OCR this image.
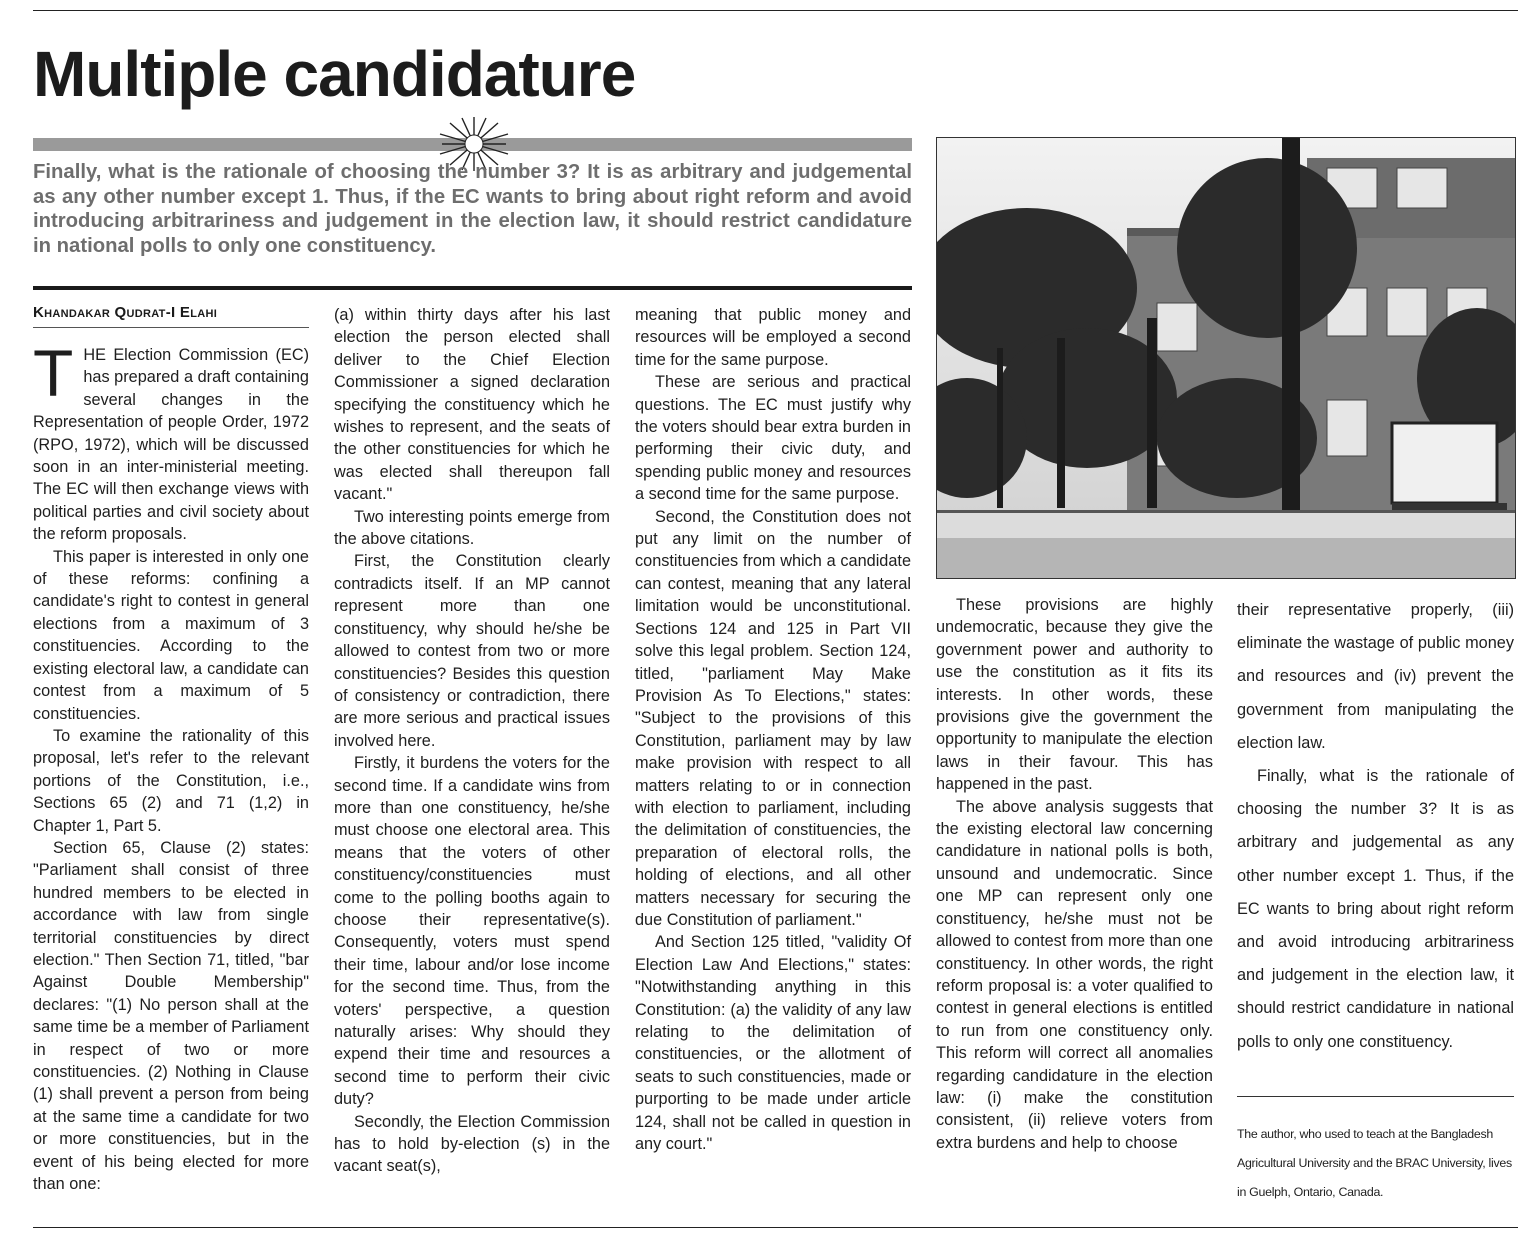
Multiple candidature

Finally, what is the rationale of choosing the number 3? It is as arbitrary and judgemental as any other number except 1. Thus, if the EC wants to bring about right reform and avoid introducing arbitrariness and judgement in the election law, it should restrict candidature in national polls to only one constituency.

Khandakar Qudrat-I Elahi

THE Election Commission (EC) has prepared a draft containing several changes in the Representation of people Order, 1972 (RPO, 1972), which will be discussed soon in an inter-ministerial meeting. The EC will then exchange views with political parties and civil society about the reform proposals.

This paper is interested in only one of these reforms: confining a candidate's right to contest in general elections from a maximum of 3 constituencies. According to the existing electoral law, a candidate can contest from a maximum of 5 constituencies.

To examine the rationality of this proposal, let's refer to the relevant portions of the Constitution, i.e., Sections 65 (2) and 71 (1,2) in Chapter 1, Part 5.

Section 65, Clause (2) states: "Parliament shall consist of three hundred members to be elected in accordance with law from single territorial constituencies by direct election." Then Section 71, titled, "bar Against Double Membership" declares: "(1) No person shall at the same time be a member of Parliament in respect of two or more constituencies. (2) Nothing in Clause (1) shall prevent a person from being at the same time a candidate for two or more constituencies, but in the event of his being elected for more than one:

(a) within thirty days after his last election the person elected shall deliver to the Chief Election Commissioner a signed declaration specifying the constituency which he wishes to represent, and the seats of the other constituencies for which he was elected shall thereupon fall vacant."

Two interesting points emerge from the above citations.

First, the Constitution clearly contradicts itself. If an MP cannot represent more than one constituency, why should he/she be allowed to contest from two or more constituencies? Besides this question of consistency or contradiction, there are more serious and practical issues involved here.

Firstly, it burdens the voters for the second time. If a candidate wins from more than one constituency, he/she must choose one electoral area. This means that the voters of other constituency/constituencies must come to the polling booths again to choose their representative(s). Consequently, voters must spend their time, labour and/or lose income for the second time. Thus, from the voters' perspective, a question naturally arises: Why should they expend their time and resources a second time to perform their civic duty?

Secondly, the Election Commission has to hold by-election (s) in the vacant seat(s),

meaning that public money and resources will be employed a second time for the same purpose.

These are serious and practical questions. The EC must justify why the voters should bear extra burden in performing their civic duty, and spending public money and resources a second time for the same purpose.

Second, the Constitution does not put any limit on the number of constituencies from which a candidate can contest, meaning that any lateral limitation would be unconstitutional. Sections 124 and 125 in Part VII solve this legal problem. Section 124, titled, "parliament May Make Provision As To Elections," states: "Subject to the provisions of this Constitution, parliament may by law make provision with respect to all matters relating to or in connection with election to parliament, including the delimitation of constituencies, the preparation of electoral rolls, the holding of elections, and all other matters necessary for securing the due Constitution of parliament."

And Section 125 titled, "validity Of Election Law And Elections," states: "Notwithstanding anything in this Constitution: (a) the validity of any law relating to the delimitation of constituencies, or the allotment of seats to such constituencies, made or purporting to be made under article 124, shall not be called in question in any court."

These provisions are highly undemocratic, because they give the government power and authority to use the constitution as it fits its interests. In other words, these provisions give the government the opportunity to manipulate the election laws in their favour. This has happened in the past.

The above analysis suggests that the existing electoral law concerning candidature in national polls is both, unsound and undemocratic. Since one MP can represent only one constituency, he/she must not be allowed to contest from more than one constituency. In other words, the right reform proposal is: a voter qualified to contest in general elections is entitled to run from one constituency only. This reform will correct all anomalies regarding candidature in the election law: (i) make the constitution consistent, (ii) relieve voters from extra burdens and help to choose

their representative properly, (iii) eliminate the wastage of public money and resources and (iv) prevent the government from manipulating the election law.

Finally, what is the rationale of choosing the number 3? It is as arbitrary and judgemental as any other number except 1. Thus, if the EC wants to bring about right reform and avoid introducing arbitrariness and judgement in the election law, it should restrict candidature in national polls to only one constituency.

The author, who used to teach at the Bangladesh Agricultural University and the BRAC University, lives in Guelph, Ontario, Canada.
